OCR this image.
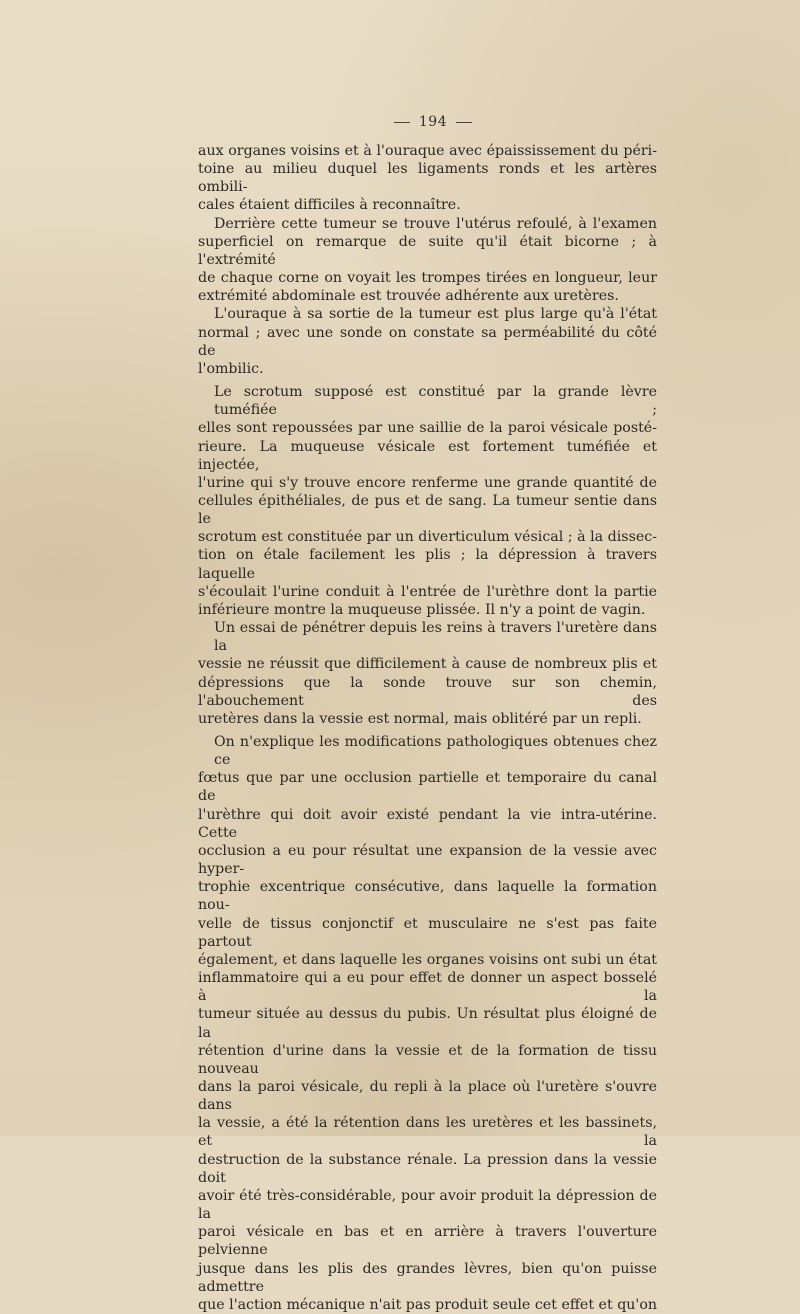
194

aux organes voisins et à l'ouraque avec épaississement du péri-

toine au milieu duquel les ligaments ronds et les artères ombili-

cales étaient difficiles à reconnaître.

Derrière cette tumeur se trouve l'utérus refoulé, à l'examen

superficiel on remarque de suite qu'il était bicorne ; à l'extrémité

de chaque corne on voyait les trompes tirées en longueur, leur

extrémité abdominale est trouvée adhérente aux uretères.

L'ouraque à sa sortie de la tumeur est plus large qu'à l'état

normal ; avec une sonde on constate sa perméabilité du côté de

l'ombilic.

Le scrotum supposé est constitué par la grande lèvre tuméfiée ;

elles sont repoussées par une saillie de la paroi vésicale posté-

rieure. La muqueuse vésicale est fortement tuméfiée et injectée,

l'urine qui s'y trouve encore renferme une grande quantité de

cellules épithéliales, de pus et de sang. La tumeur sentie dans le

scrotum est constituée par un diverticulum vésical ; à la dissec-

tion on étale facilement les plis ; la dépression à travers laquelle

s'écoulait l'urine conduit à l'entrée de l'urèthre dont la partie

inférieure montre la muqueuse plissée. Il n'y a point de vagin.

Un essai de pénétrer depuis les reins à travers l'uretère dans la

vessie ne réussit que difficilement à cause de nombreux plis et

dépressions que la sonde trouve sur son chemin, l'abouchement des

uretères dans la vessie est normal, mais oblitéré par un repli.

On n'explique les modifications pathologiques obtenues chez ce

fœtus que par une occlusion partielle et temporaire du canal de

l'urèthre qui doit avoir existé pendant la vie intra-utérine. Cette

occlusion a eu pour résultat une expansion de la vessie avec hyper-

trophie excentrique consécutive, dans laquelle la formation nou-

velle de tissus conjonctif et musculaire ne s'est pas faite partout

également, et dans laquelle les organes voisins ont subi un état

inflammatoire qui a eu pour effet de donner un aspect bosselé à la

tumeur située au dessus du pubis. Un résultat plus éloigné de la

rétention d'urine dans la vessie et de la formation de tissu nouveau

dans la paroi vésicale, du repli à la place où l'uretère s'ouvre dans

la vessie, a été la rétention dans les uretères et les bassinets, et la

destruction de la substance rénale. La pression dans la vessie doit

avoir été très-considérable, pour avoir produit la dépression de la

paroi vésicale en bas et en arrière à travers l'ouverture pelvienne

jusque dans les plis des grandes lèvres, bien qu'on puisse admettre

que l'action mécanique n'ait pas produit seule cet effet et qu'on
